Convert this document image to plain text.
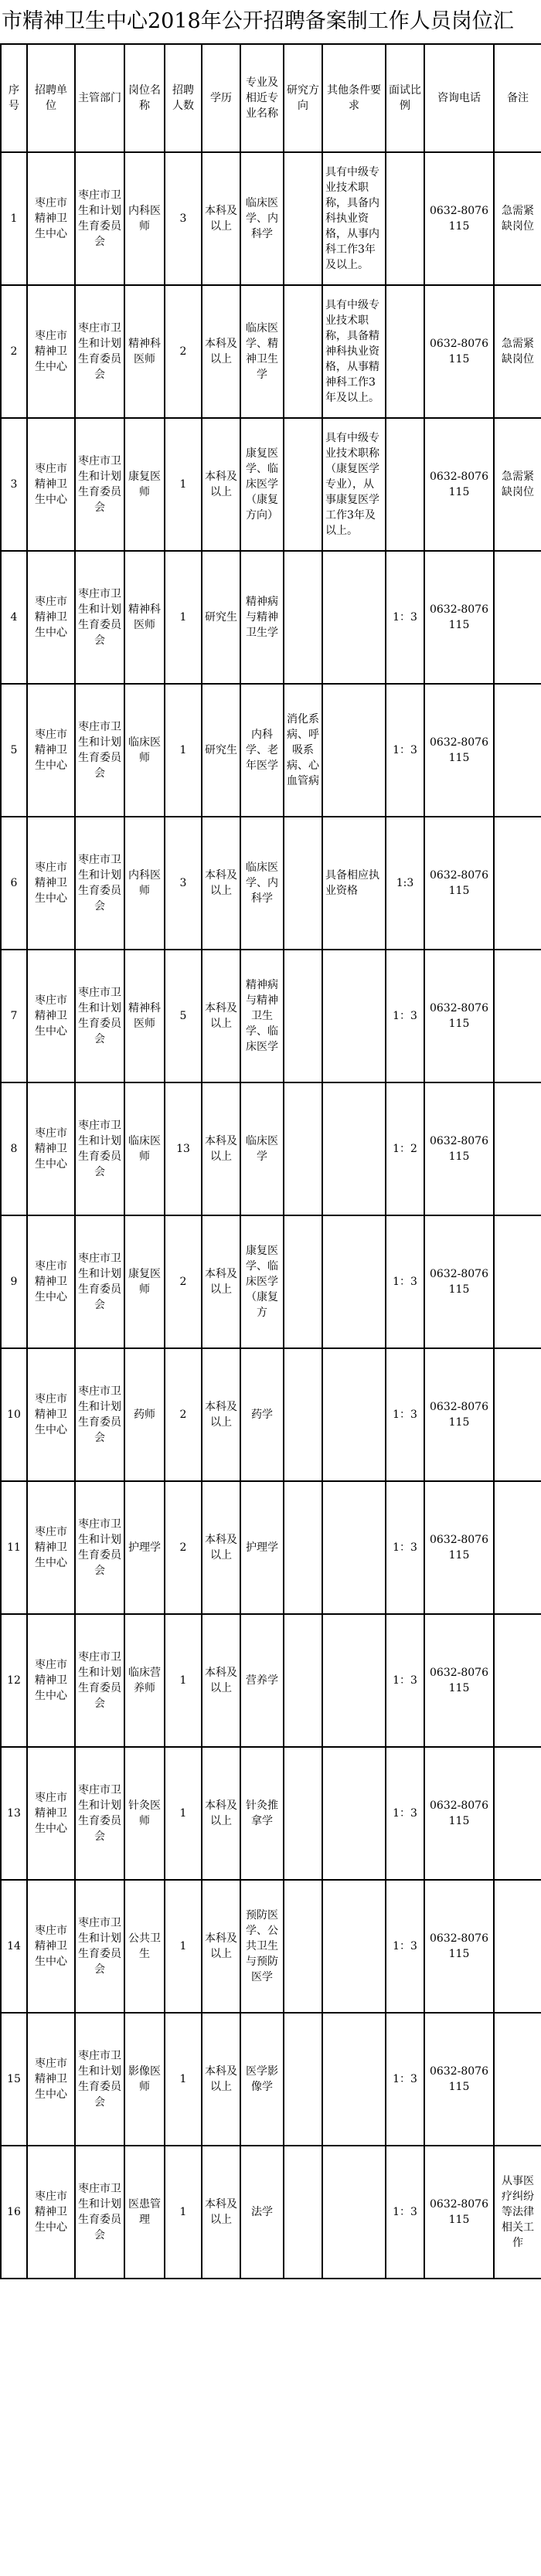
市精神卫生中心2018年公开招聘备案制工作人员岗位汇
序号	招聘单位	主管部门	岗位名称	招聘人数	学历	专业及相近专业名称	研究方向	其他条件要求	面试比例	咨询电话	备注
1	枣庄市精神卫生中心	枣庄市卫生和计划生育委员会	内科医师	3	本科及以上	临床医学、内科学		具有中级专业技术职称，具备内科执业资格，从事内科工作3年及以上。		0632-8076115	急需紧缺岗位
2	枣庄市精神卫生中心	枣庄市卫生和计划生育委员会	精神科医师	2	本科及以上	临床医学、精神卫生学		具有中级专业技术职称，具备精神科执业资格，从事精神科工作3年及以上。		0632-8076115	急需紧缺岗位
3	枣庄市精神卫生中心	枣庄市卫生和计划生育委员会	康复医师	1	本科及以上	康复医学、临床医学（康复方向）		具有中级专业技术职称（康复医学专业），从事康复医学工作3年及以上。		0632-8076115	急需紧缺岗位
4	枣庄市精神卫生中心	枣庄市卫生和计划生育委员会	精神科医师	1	研究生	精神病与精神卫生学			1：3	0632-8076115	
5	枣庄市精神卫生中心	枣庄市卫生和计划生育委员会	临床医师	1	研究生	内科学、老年医学	消化系病、呼吸系病、心血管病		1：3	0632-8076115	
6	枣庄市精神卫生中心	枣庄市卫生和计划生育委员会	内科医师	3	本科及以上	临床医学、内科学		具备相应执业资格	1:3	0632-8076115	
7	枣庄市精神卫生中心	枣庄市卫生和计划生育委员会	精神科医师	5	本科及以上	精神病与精神卫生学、临床医学			1：3	0632-8076115	
8	枣庄市精神卫生中心	枣庄市卫生和计划生育委员会	临床医师	13	本科及以上	临床医学			1：2	0632-8076115	
9	枣庄市精神卫生中心	枣庄市卫生和计划生育委员会	康复医师	2	本科及以上	康复医学、临床医学（康复方			1：3	0632-8076115	
10	枣庄市精神卫生中心	枣庄市卫生和计划生育委员会	药师	2	本科及以上	药学			1：3	0632-8076115	
11	枣庄市精神卫生中心	枣庄市卫生和计划生育委员会	护理学	2	本科及以上	护理学			1：3	0632-8076115	
12	枣庄市精神卫生中心	枣庄市卫生和计划生育委员会	临床营养师	1	本科及以上	营养学			1：3	0632-8076115	
13	枣庄市精神卫生中心	枣庄市卫生和计划生育委员会	针灸医师	1	本科及以上	针灸推拿学			1：3	0632-8076115	
14	枣庄市精神卫生中心	枣庄市卫生和计划生育委员会	公共卫生	1	本科及以上	预防医学、公共卫生与预防医学			1：3	0632-8076115	
15	枣庄市精神卫生中心	枣庄市卫生和计划生育委员会	影像医师	1	本科及以上	医学影像学			1：3	0632-8076115	
16	枣庄市精神卫生中心	枣庄市卫生和计划生育委员会	医患管理	1	本科及以上	法学			1：3	0632-8076115	从事医疗纠纷等法律相关工作
